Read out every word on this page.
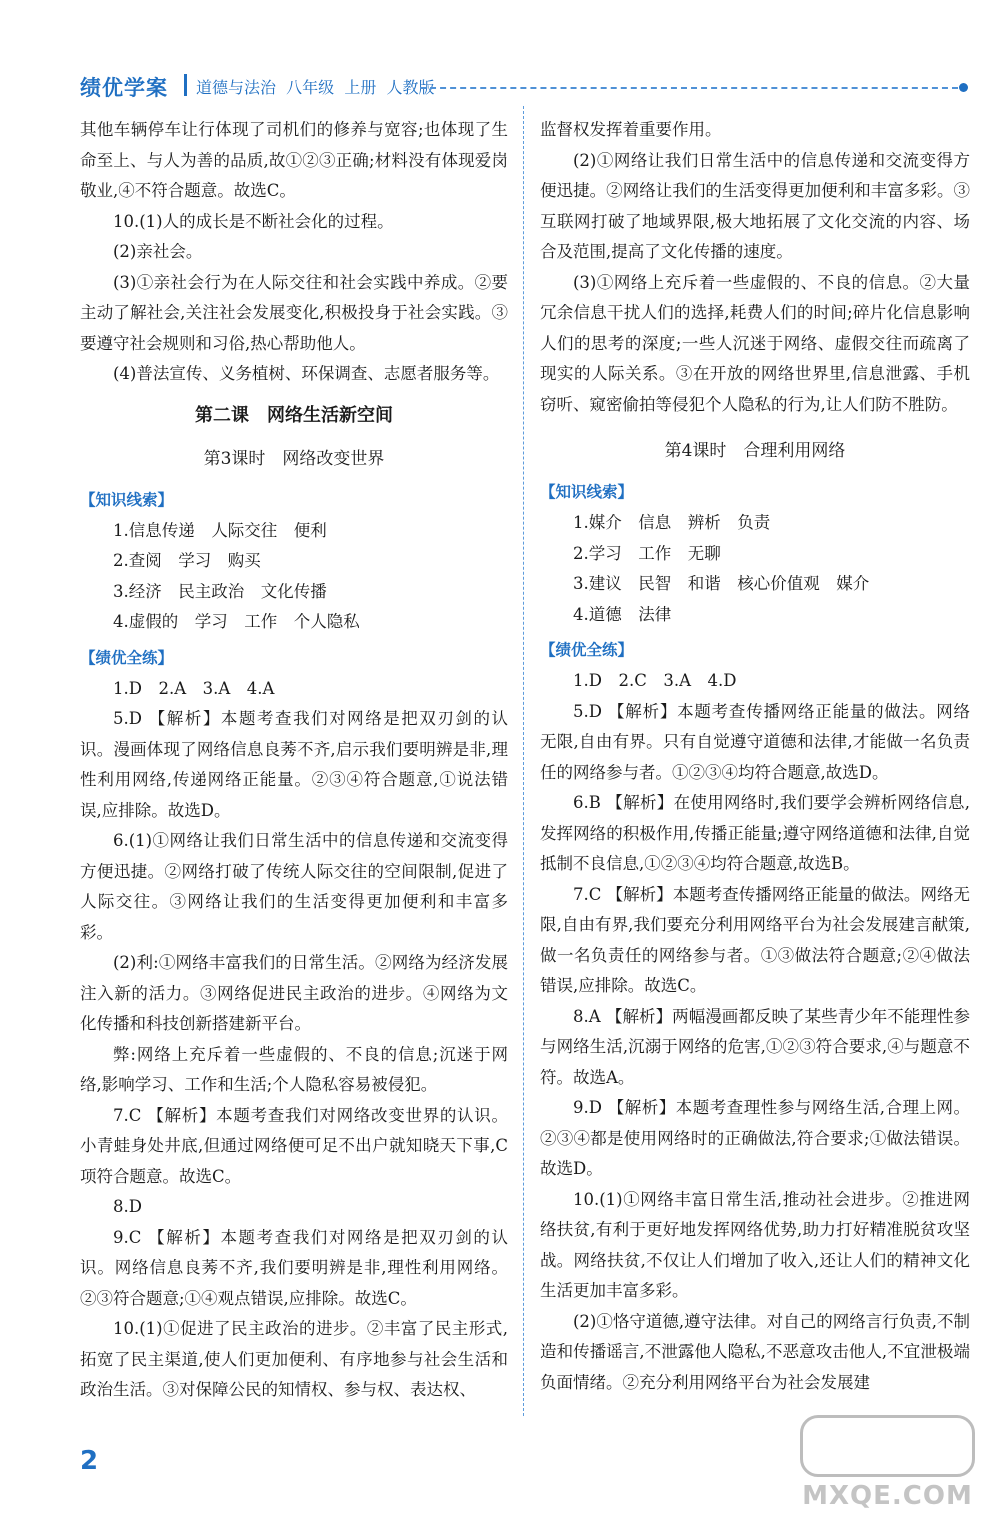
绩优学案 道德与法治  八年级  上册  人教版

其他车辆停车让行体现了司机们的修养与宽容;也体现了生命至上、与人为善的品质,故①②③正确;材料没有体现爱岗敬业,④不符合题意。故选C。

10.(1)人的成长是不断社会化的过程。

(2)亲社会。

(3)①亲社会行为在人际交往和社会实践中养成。②要主动了解社会,关注社会发展变化,积极投身于社会实践。③要遵守社会规则和习俗,热心帮助他人。

(4)普法宣传、义务植树、环保调查、志愿者服务等。

第二课　网络生活新空间
第3课时　网络改变世界
【知识线索】

1.信息传递　人际交往　便利

2.查阅　学习　购买

3.经济　民主政治　文化传播

4.虚假的　学习　工作　个人隐私

【绩优全练】

1.D　2.A　3.A　4.A

5.D 【解析】本题考查我们对网络是把双刃剑的认识。漫画体现了网络信息良莠不齐,启示我们要明辨是非,理性利用网络,传递网络正能量。②③④符合题意,①说法错误,应排除。故选D。

6.(1)①网络让我们日常生活中的信息传递和交流变得方便迅捷。②网络打破了传统人际交往的空间限制,促进了人际交往。③网络让我们的生活变得更加便利和丰富多彩。

(2)利:①网络丰富我们的日常生活。②网络为经济发展注入新的活力。③网络促进民主政治的进步。④网络为文化传播和科技创新搭建新平台。

弊:网络上充斥着一些虚假的、不良的信息;沉迷于网络,影响学习、工作和生活;个人隐私容易被侵犯。

7.C 【解析】本题考查我们对网络改变世界的认识。小青蛙身处井底,但通过网络便可足不出户就知晓天下事,C项符合题意。故选C。

8.D

9.C 【解析】本题考查我们对网络是把双刃剑的认识。网络信息良莠不齐,我们要明辨是非,理性利用网络。②③符合题意;①④观点错误,应排除。故选C。

10.(1)①促进了民主政治的进步。②丰富了民主形式,拓宽了民主渠道,使人们更加便利、有序地参与社会生活和政治生活。③对保障公民的知情权、参与权、表达权、

监督权发挥着重要作用。

(2)①网络让我们日常生活中的信息传递和交流变得方便迅捷。②网络让我们的生活变得更加便利和丰富多彩。③互联网打破了地域界限,极大地拓展了文化交流的内容、场合及范围,提高了文化传播的速度。

(3)①网络上充斥着一些虚假的、不良的信息。②大量冗余信息干扰人们的选择,耗费人们的时间;碎片化信息影响人们的思考的深度;一些人沉迷于网络、虚假交往而疏离了现实的人际关系。③在开放的网络世界里,信息泄露、手机窃听、窥密偷拍等侵犯个人隐私的行为,让人们防不胜防。

第4课时　合理利用网络
【知识线索】

1.媒介　信息　辨析　负责

2.学习　工作　无聊

3.建议　民智　和谐　核心价值观　媒介

4.道德　法律

【绩优全练】

1.D　2.C　3.A　4.D

5.D 【解析】本题考查传播网络正能量的做法。网络无限,自由有界。只有自觉遵守道德和法律,才能做一名负责任的网络参与者。①②③④均符合题意,故选D。

6.B 【解析】在使用网络时,我们要学会辨析网络信息,发挥网络的积极作用,传播正能量;遵守网络道德和法律,自觉抵制不良信息,①②③④均符合题意,故选B。

7.C 【解析】本题考查传播网络正能量的做法。网络无限,自由有界,我们要充分利用网络平台为社会发展建言献策,做一名负责任的网络参与者。①③做法符合题意;②④做法错误,应排除。故选C。

8.A 【解析】两幅漫画都反映了某些青少年不能理性参与网络生活,沉溺于网络的危害,①②③符合要求,④与题意不符。故选A。

9.D 【解析】本题考查理性参与网络生活,合理上网。②③④都是使用网络时的正确做法,符合要求;①做法错误。故选D。

10.(1)①网络丰富日常生活,推动社会进步。②推进网络扶贫,有利于更好地发挥网络优势,助力打好精准脱贫攻坚战。网络扶贫,不仅让人们增加了收入,还让人们的精神文化生活更加丰富多彩。

(2)①恪守道德,遵守法律。对自己的网络言行负责,不制造和传播谣言,不泄露他人隐私,不恶意攻击他人,不宜泄极端负面情绪。②充分利用网络平台为社会发展建

2
MXQE.COM
